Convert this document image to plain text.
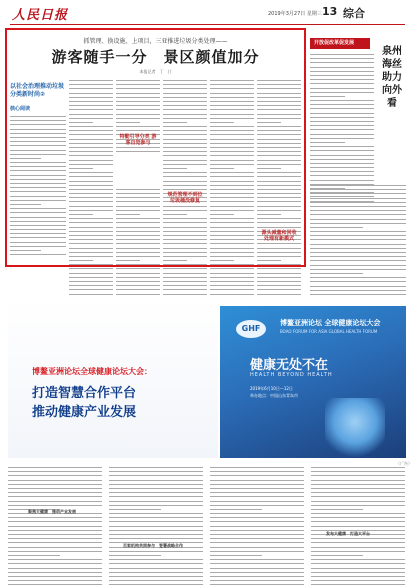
人民日报	2019年3月27日 星期三 13 综合
抓管理、换设施、上项目，三亚推进垃圾分类处理——
游客随手一分　景区颜值加分
本报记者　丁　汀
以社会治理推动垃圾分类新时尚②
核心阅读
特勤引导分类 游客自觉参与
规范管理不到位 垃圾桶没修复
源头减量和回收 处理有新模式
开放促改革促发展
泉州 海丝助力向外看
博鳌亚洲论坛全球健康论坛大会：
打造智慧合作平台
推动健康产业发展
GHF
博鳌亚洲论坛 全球健康论坛大会
BOAO FORUM FOR ASIA GLOBAL HEALTH FORUM
健康无处不在
HEALTH BEYOND HEALTH
2019年6月10日—12日
举办地点：中国山东青岛市
（广告）
聚焦大健康　推动产业发展
百家机构共同参与　签署战略合作
发布大健康　打造大平台
